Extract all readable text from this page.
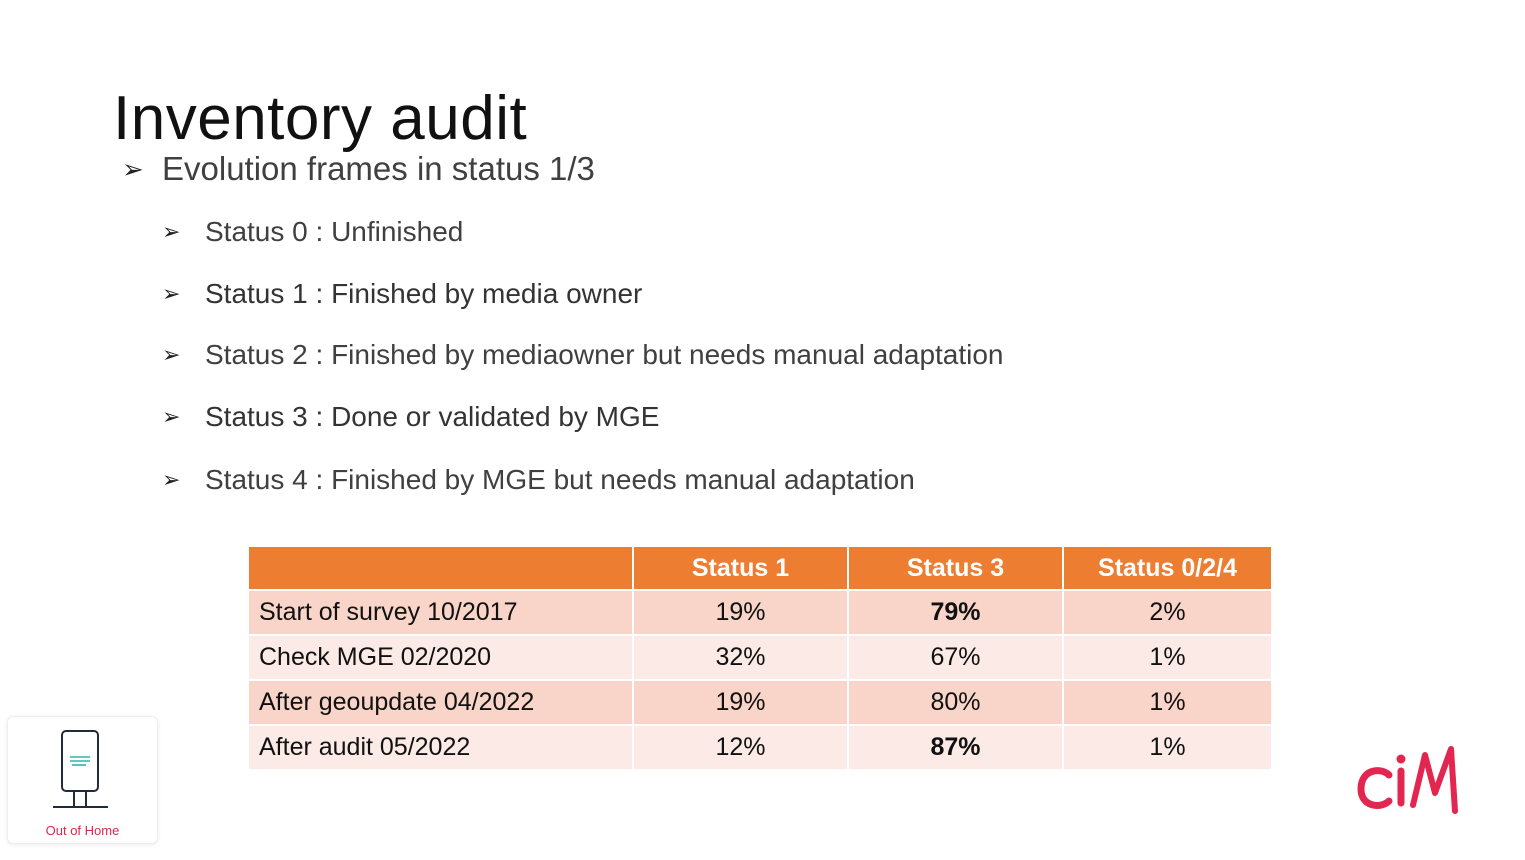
Inventory audit
➢ Evolution frames in status 1/3
➢ Status 0 : Unfinished
➢ Status 1 : Finished by media owner
➢ Status 2 : Finished by mediaowner but needs manual adaptation
➢ Status 3 : Done or validated by MGE
➢ Status 4 : Finished by MGE but needs manual adaptation
	Status 1	Status 3	Status 0/2/4
Start of survey 10/2017	19%	79%	2%
Check MGE 02/2020	32%	67%	1%
After geoupdate 04/2022	19%	80%	1%
After audit 05/2022	12%	87%	1%
Out of Home
